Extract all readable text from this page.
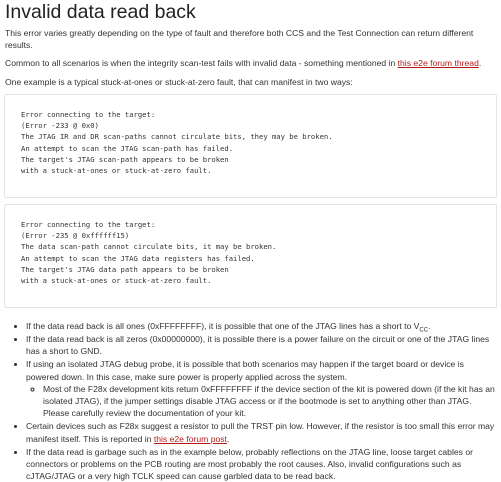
Invalid data read back

This error varies greatly depending on the type of fault and therefore both CCS and the Test Connection can return different results.

Common to all scenarios is when the integrity scan-test fails with invalid data - something mentioned in this e2e forum thread.

One example is a typical stuck-at-ones or stuck-at-zero fault, that can manifest in two ways:

Error connecting to the target:
(Error -233 @ 0x0)
The JTAG IR and DR scan-paths cannot circulate bits, they may be broken.
An attempt to scan the JTAG scan-path has failed.
The target's JTAG scan-path appears to be broken
with a stuck-at-ones or stuck-at-zero fault.
Error connecting to the target:
(Error -235 @ 0xffffff15)
The data scan-path cannot circulate bits, it may be broken.
An attempt to scan the JTAG data registers has failed.
The target's JTAG data path appears to be broken
with a stuck-at-ones or stuck-at-zero fault.
• If the data read back is all ones (0xFFFFFFFF), it is possible that one of the JTAG lines has a short to $V_{CC}$.
• If the data read back is all zeros (0x00000000), it is possible there is a power failure on the circuit or one of the JTAG lines has a short to GND.
• If using an isolated JTAG debug probe, it is possible that both scenarios may happen if the target board or device is powered down. In this case, make sure power is properly applied across the system.
◦ Most of the F28x development kits return 0xFFFFFFFF if the device section of the kit is powered down (if the kit has an isolated JTAG), if the jumper settings disable JTAG access or if the bootmode is set to anything other than JTAG. Please carefully review the documentation of your kit.
• Certain devices such as F28x suggest a resistor to pull the TRST pin low. However, if the resistor is too small this error may manifest itself. This is reported in this e2e forum post.
• If the data read is garbage such as in the example below, probably reflections on the JTAG line, loose target cables or connectors or problems on the PCB routing are most probably the root causes. Also, invalid configurations such as cJTAG/JTAG or a very high TCLK speed can cause garbled data to be read back.
